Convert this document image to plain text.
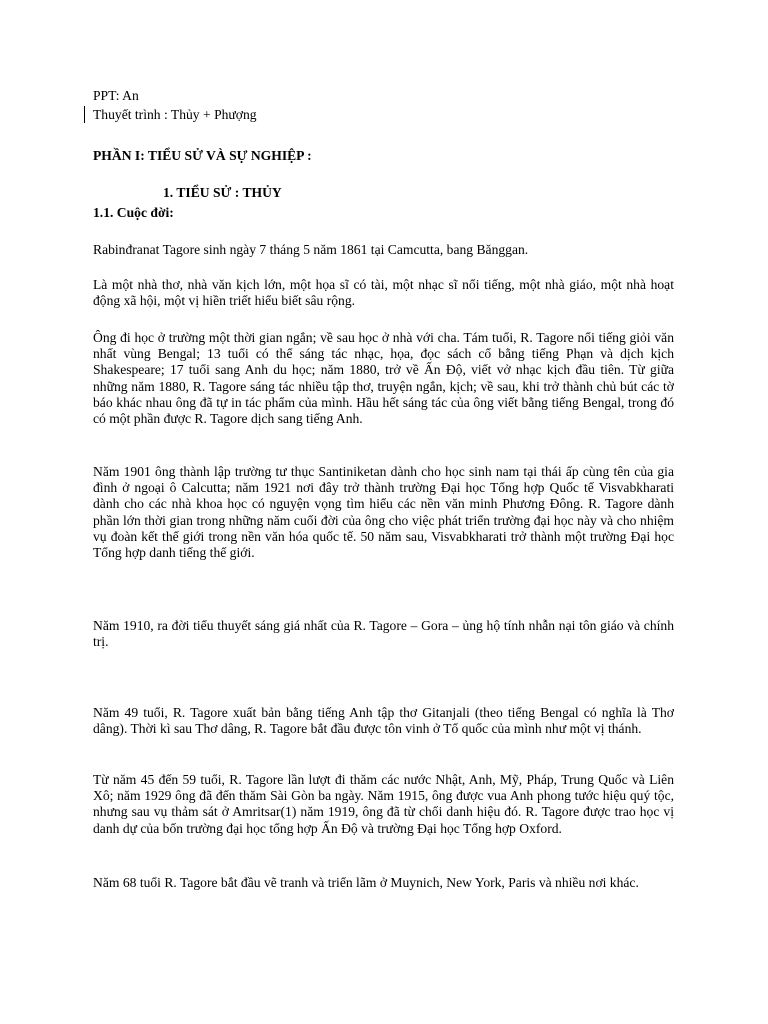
PPT: An

Thuyết trình : Thủy + Phượng

PHẦN I: TIỂU SỬ VÀ SỰ NGHIỆP :

1. TIỂU SỬ : THỦY

1.1. Cuộc đời:

Rabinđranat Tagore sinh ngày 7 tháng 5 năm 1861 tại Camcutta, bang Bănggan.

Là một nhà thơ, nhà văn kịch lớn, một họa sĩ có tài, một nhạc sĩ nổi tiếng, một nhà giáo, một nhà hoạt động xã hội, một vị hiền triết hiểu biết sâu rộng.

Ông đi học ở trường một thời gian ngắn; về sau học ở nhà với cha. Tám tuổi, R. Tagore nổi tiếng giỏi văn nhất vùng Bengal; 13 tuổi có thể sáng tác nhạc, họa, đọc sách cổ bằng tiếng Phạn và dịch kịch Shakespeare; 17 tuổi sang Anh du học; năm 1880, trở về Ấn Độ, viết vở nhạc kịch đầu tiên. Từ giữa những năm 1880, R. Tagore sáng tác nhiều tập thơ, truyện ngắn, kịch; về sau, khi trở thành chủ bút các tờ báo khác nhau ông đã tự in tác phẩm của mình. Hầu hết sáng tác của ông viết bằng tiếng Bengal, trong đó có một phần được R. Tagore dịch sang tiếng Anh.

Năm 1901 ông thành lập trường tư thục Santiniketan dành cho học sinh nam tại thái ấp cùng tên của gia đình ở ngoại ô Calcutta; năm 1921 nơi đây trở thành trường Đại học Tổng hợp Quốc tế Visvabkharati dành cho các nhà khoa học có nguyện vọng tìm hiểu các nền văn minh Phương Đông. R. Tagore dành phần lớn thời gian trong những năm cuối đời của ông cho việc phát triển trường đại học này và cho nhiệm vụ đoàn kết thế giới trong nền văn hóa quốc tế. 50 năm sau, Visvabkharati trở thành một trường Đại học Tổng hợp danh tiếng thế giới.

Năm 1910, ra đời tiểu thuyết sáng giá nhất của R. Tagore – Gora – ủng hộ tính nhẫn nại tôn giáo và chính trị.

Năm 49 tuổi, R. Tagore xuất bản bằng tiếng Anh tập thơ Gitanjali (theo tiếng Bengal có nghĩa là Thơ dâng). Thời kì sau Thơ dâng, R. Tagore bắt đầu được tôn vinh ở Tổ quốc của mình như một vị thánh.

Từ năm 45 đến 59 tuổi, R. Tagore lần lượt đi thăm các nước Nhật, Anh, Mỹ, Pháp, Trung Quốc và Liên Xô; năm 1929 ông đã đến thăm Sài Gòn ba ngày. Năm 1915, ông được vua Anh phong tước hiệu quý tộc, nhưng sau vụ thảm sát ở Amritsar(1) năm 1919, ông đã từ chối danh hiệu đó. R. Tagore được trao học vị danh dự của bốn trường đại học tổng hợp Ấn Độ và trường Đại học Tổng hợp Oxford.

Năm 68 tuổi R. Tagore bắt đầu vẽ tranh và triển lãm ở Muynich, New York, Paris và nhiều nơi khác.
